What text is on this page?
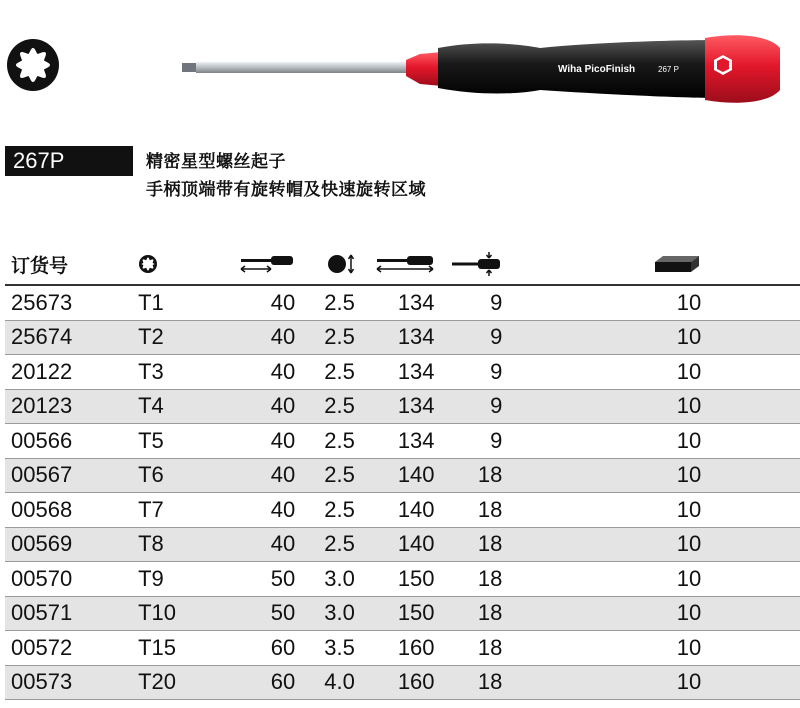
Wiha PicoFinish	267 P
267P	精密星型螺丝起子
手柄顶端带有旋转帽及快速旋转区域
订货号							
25673	T1	40	2.5	134	9	10	
25674	T2	40	2.5	134	9	10	
20122	T3	40	2.5	134	9	10	
20123	T4	40	2.5	134	9	10	
00566	T5	40	2.5	134	9	10	
00567	T6	40	2.5	140	18	10	
00568	T7	40	2.5	140	18	10	
00569	T8	40	2.5	140	18	10	
00570	T9	50	3.0	150	18	10	
00571	T10	50	3.0	150	18	10	
00572	T15	60	3.5	160	18	10	
00573	T20	60	4.0	160	18	10	
